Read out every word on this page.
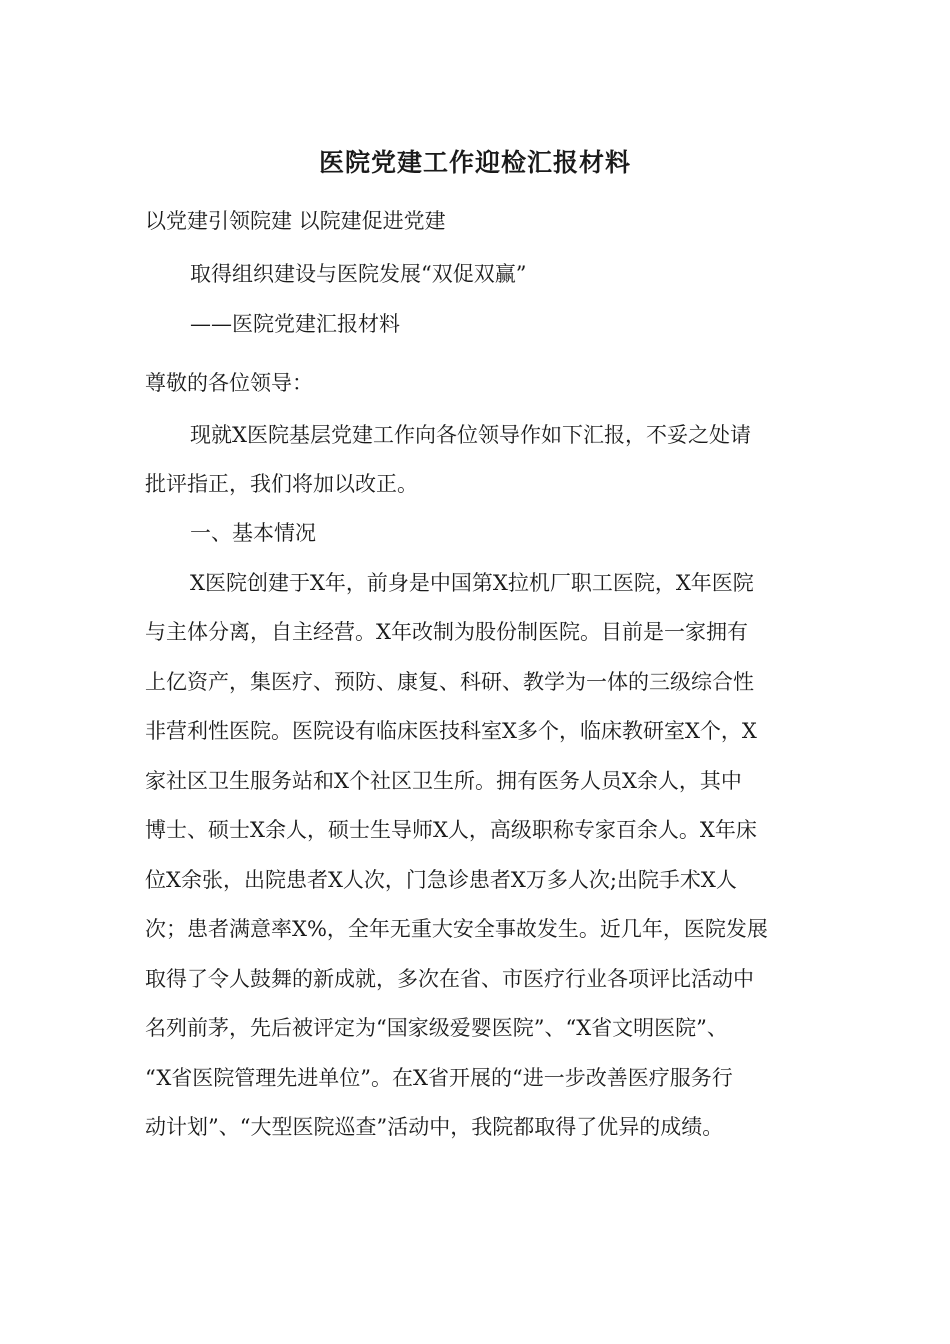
医院党建工作迎检汇报材料
以党建引领院建 以院建促进党建
取得组织建设与医院发展“双促双赢”
——医院党建汇报材料
尊敬的各位领导：
现就X医院基层党建工作向各位领导作如下汇报，不妥之处请
批评指正，我们将加以改正。
一、基本情况
X医院创建于X年，前身是中国第X拉机厂职工医院，X年医院
与主体分离，自主经营。X年改制为股份制医院。目前是一家拥有
上亿资产，集医疗、预防、康复、科研、教学为一体的三级综合性
非营利性医院。医院设有临床医技科室X多个，临床教研室X个，X
家社区卫生服务站和X个社区卫生所。拥有医务人员X余人，其中
博士、硕士X余人，硕士生导师X人，高级职称专家百余人。X年床
位X余张，出院患者X人次，门急诊患者X万多人次;出院手术X人
次；患者满意率X%，全年无重大安全事故发生。近几年，医院发展
取得了令人鼓舞的新成就，多次在省、市医疗行业各项评比活动中
名列前茅，先后被评定为“国家级爱婴医院”、“X省文明医院”、
“X省医院管理先进单位”。在X省开展的“进一步改善医疗服务行
动计划”、“大型医院巡查”活动中，我院都取得了优异的成绩。
